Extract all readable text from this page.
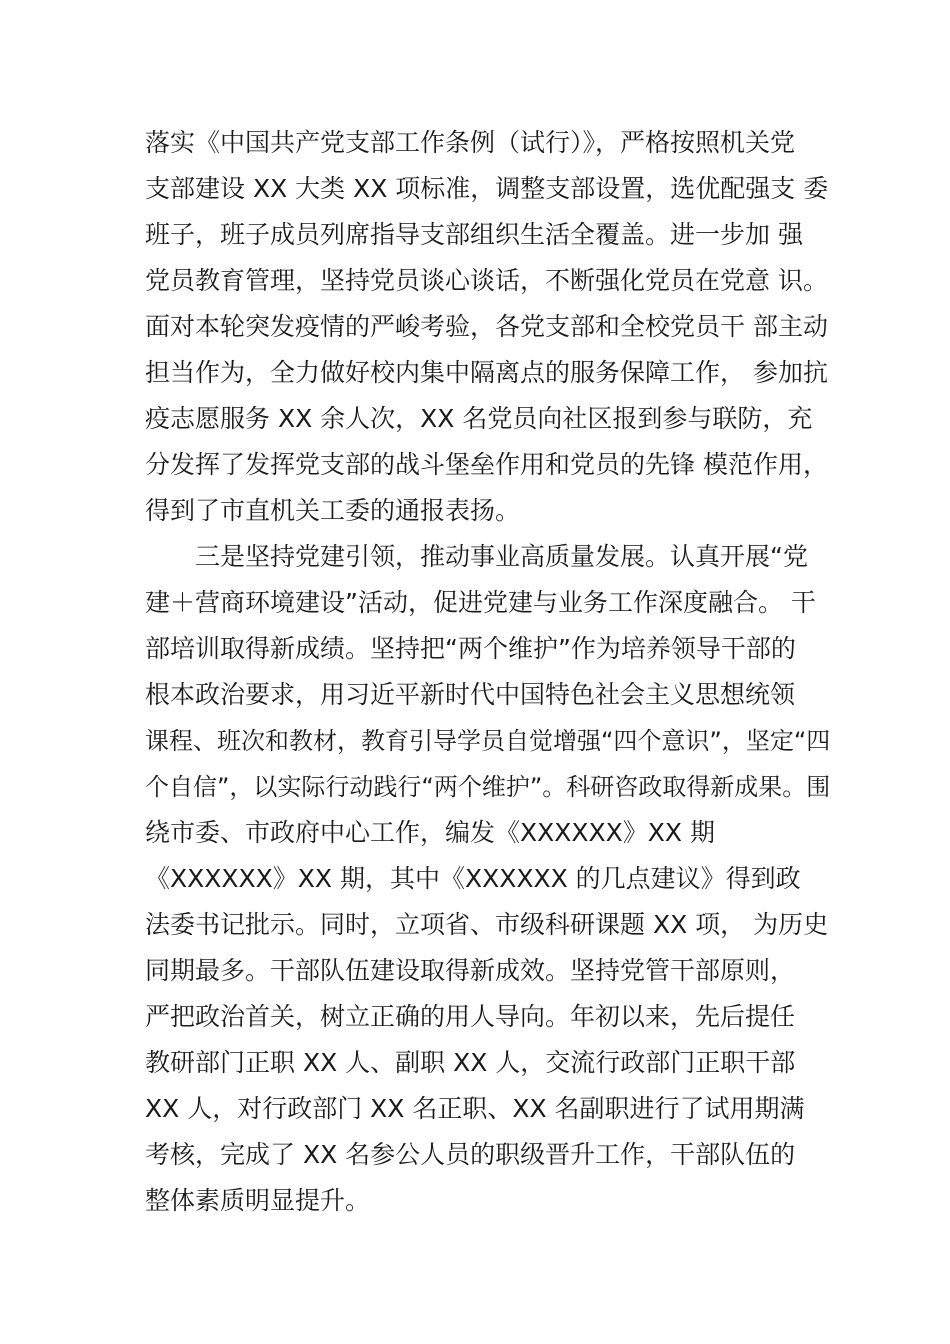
落实《中国共产党支部工作条例（试行）》，严格按照机关党
支部建设 XX 大类 XX 项标准，调整支部设置，选优配强支 委
班子，班子成员列席指导支部组织生活全覆盖。进一步加 强
党员教育管理，坚持党员谈心谈话，不断强化党员在党意 识。
面对本轮突发疫情的严峻考验，各党支部和全校党员干 部主动
担当作为，全力做好校内集中隔离点的服务保障工作， 参加抗
疫志愿服务 XX 余人次，XX 名党员向社区报到参与联防，充
分发挥了发挥党支部的战斗堡垒作用和党员的先锋 模范作用，
得到了市直机关工委的通报表扬。
　　三是坚持党建引领，推动事业高质量发展。认真开展“党
建＋营商环境建设”活动，促进党建与业务工作深度融合。 干
部培训取得新成绩。坚持把“两个维护”作为培养领导干部的
根本政治要求，用习近平新时代中国特色社会主义思想统领
课程、班次和教材，教育引导学员自觉增强“四个意识”，坚定“四
个自信”，以实际行动践行“两个维护”。科研咨政取得新成果。围
绕市委、市政府中心工作，编发《XXXXXX》XX 期
《XXXXXX》XX 期，其中《XXXXXX 的几点建议》得到政
法委书记批示。同时，立项省、市级科研课题 XX 项， 为历史
同期最多。干部队伍建设取得新成效。坚持党管干部原则，
严把政治首关，树立正确的用人导向。年初以来，先后提任
教研部门正职 XX 人、副职 XX 人，交流行政部门正职干部
XX 人，对行政部门 XX 名正职、XX 名副职进行了试用期满
考核，完成了 XX 名参公人员的职级晋升工作，干部队伍的
整体素质明显提升。
